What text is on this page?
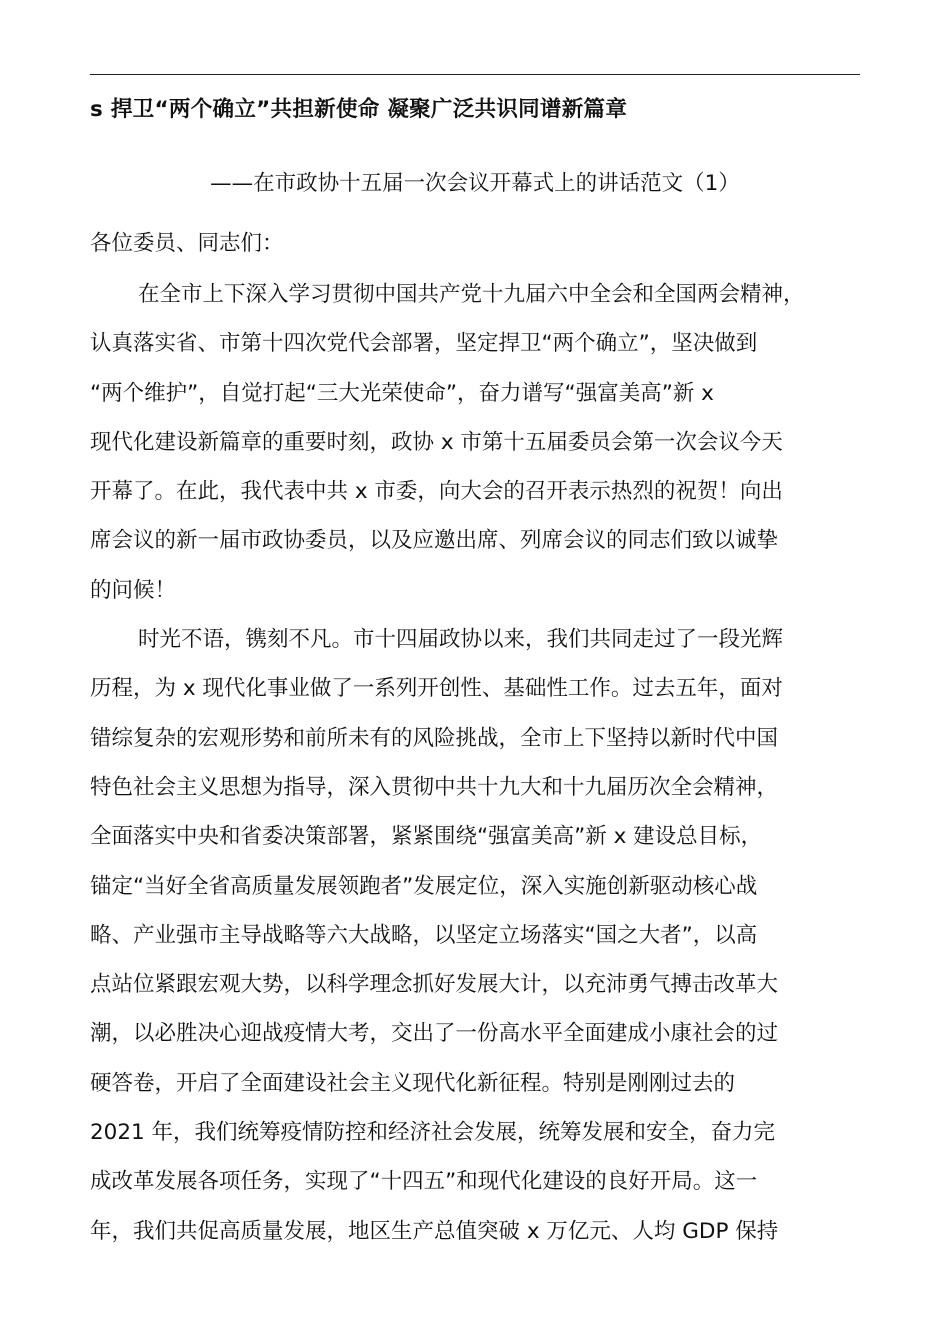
s 捍卫“两个确立”共担新使命 凝聚广泛共识同谱新篇章
——在市政协十五届一次会议开幕式上的讲话范文（1）
各位委员、同志们：
在全市上下深入学习贯彻中国共产党十九届六中全会和全国两会精神，
认真落实省、市第十四次党代会部署，坚定捍卫“两个确立”，坚决做到
“两个维护”，自觉打起“三大光荣使命”，奋力谱写“强富美高”新 x
现代化建设新篇章的重要时刻，政协 x 市第十五届委员会第一次会议今天
开幕了。在此，我代表中共 x 市委，向大会的召开表示热烈的祝贺！向出
席会议的新一届市政协委员，以及应邀出席、列席会议的同志们致以诚挚
的问候！
时光不语，镌刻不凡。市十四届政协以来，我们共同走过了一段光辉
历程，为 x 现代化事业做了一系列开创性、基础性工作。过去五年，面对
错综复杂的宏观形势和前所未有的风险挑战，全市上下坚持以新时代中国
特色社会主义思想为指导，深入贯彻中共十九大和十九届历次全会精神，
全面落实中央和省委决策部署，紧紧围绕“强富美高”新 x 建设总目标，
锚定“当好全省高质量发展领跑者”发展定位，深入实施创新驱动核心战
略、产业强市主导战略等六大战略，以坚定立场落实“国之大者”，以高
点站位紧跟宏观大势，以科学理念抓好发展大计，以充沛勇气搏击改革大
潮，以必胜决心迎战疫情大考，交出了一份高水平全面建成小康社会的过
硬答卷，开启了全面建设社会主义现代化新征程。特别是刚刚过去的
2021 年，我们统筹疫情防控和经济社会发展，统筹发展和安全，奋力完
成改革发展各项任务，实现了“十四五”和现代化建设的良好开局。这一
年，我们共促高质量发展，地区生产总值突破 x 万亿元、人均 GDP 保持
